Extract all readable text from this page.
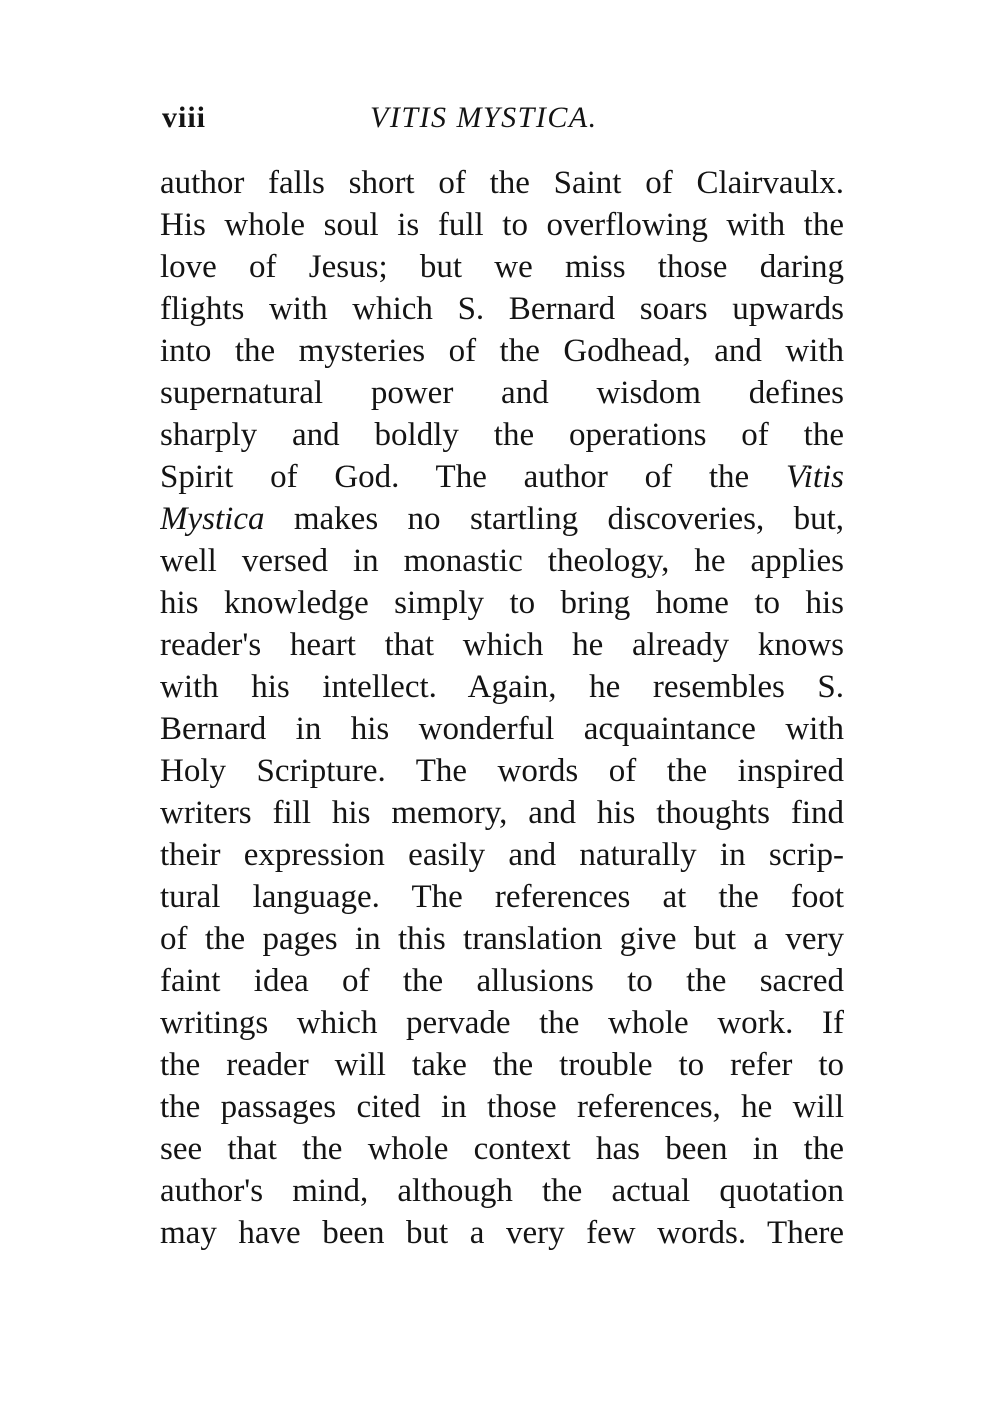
viii	VITIS MYSTICA.
author falls short of the Saint of Clairvaulx.
His whole soul is full to overflowing with the
love of Jesus; but we miss those daring
flights with which S. Bernard soars upwards
into the mysteries of the Godhead, and with
supernatural power and wisdom defines
sharply and boldly the operations of the
Spirit of God. The author of the Vitis
Mystica makes no startling discoveries, but,
well versed in monastic theology, he applies
his knowledge simply to bring home to his
reader's heart that which he already knows
with his intellect. Again, he resembles S.
Bernard in his wonderful acquaintance with
Holy Scripture. The words of the inspired
writers fill his memory, and his thoughts find
their expression easily and naturally in scrip-
tural language. The references at the foot
of the pages in this translation give but a very
faint idea of the allusions to the sacred
writings which pervade the whole work. If
the reader will take the trouble to refer to
the passages cited in those references, he will
see that the whole context has been in the
author's mind, although the actual quotation
may have been but a very few words. There
